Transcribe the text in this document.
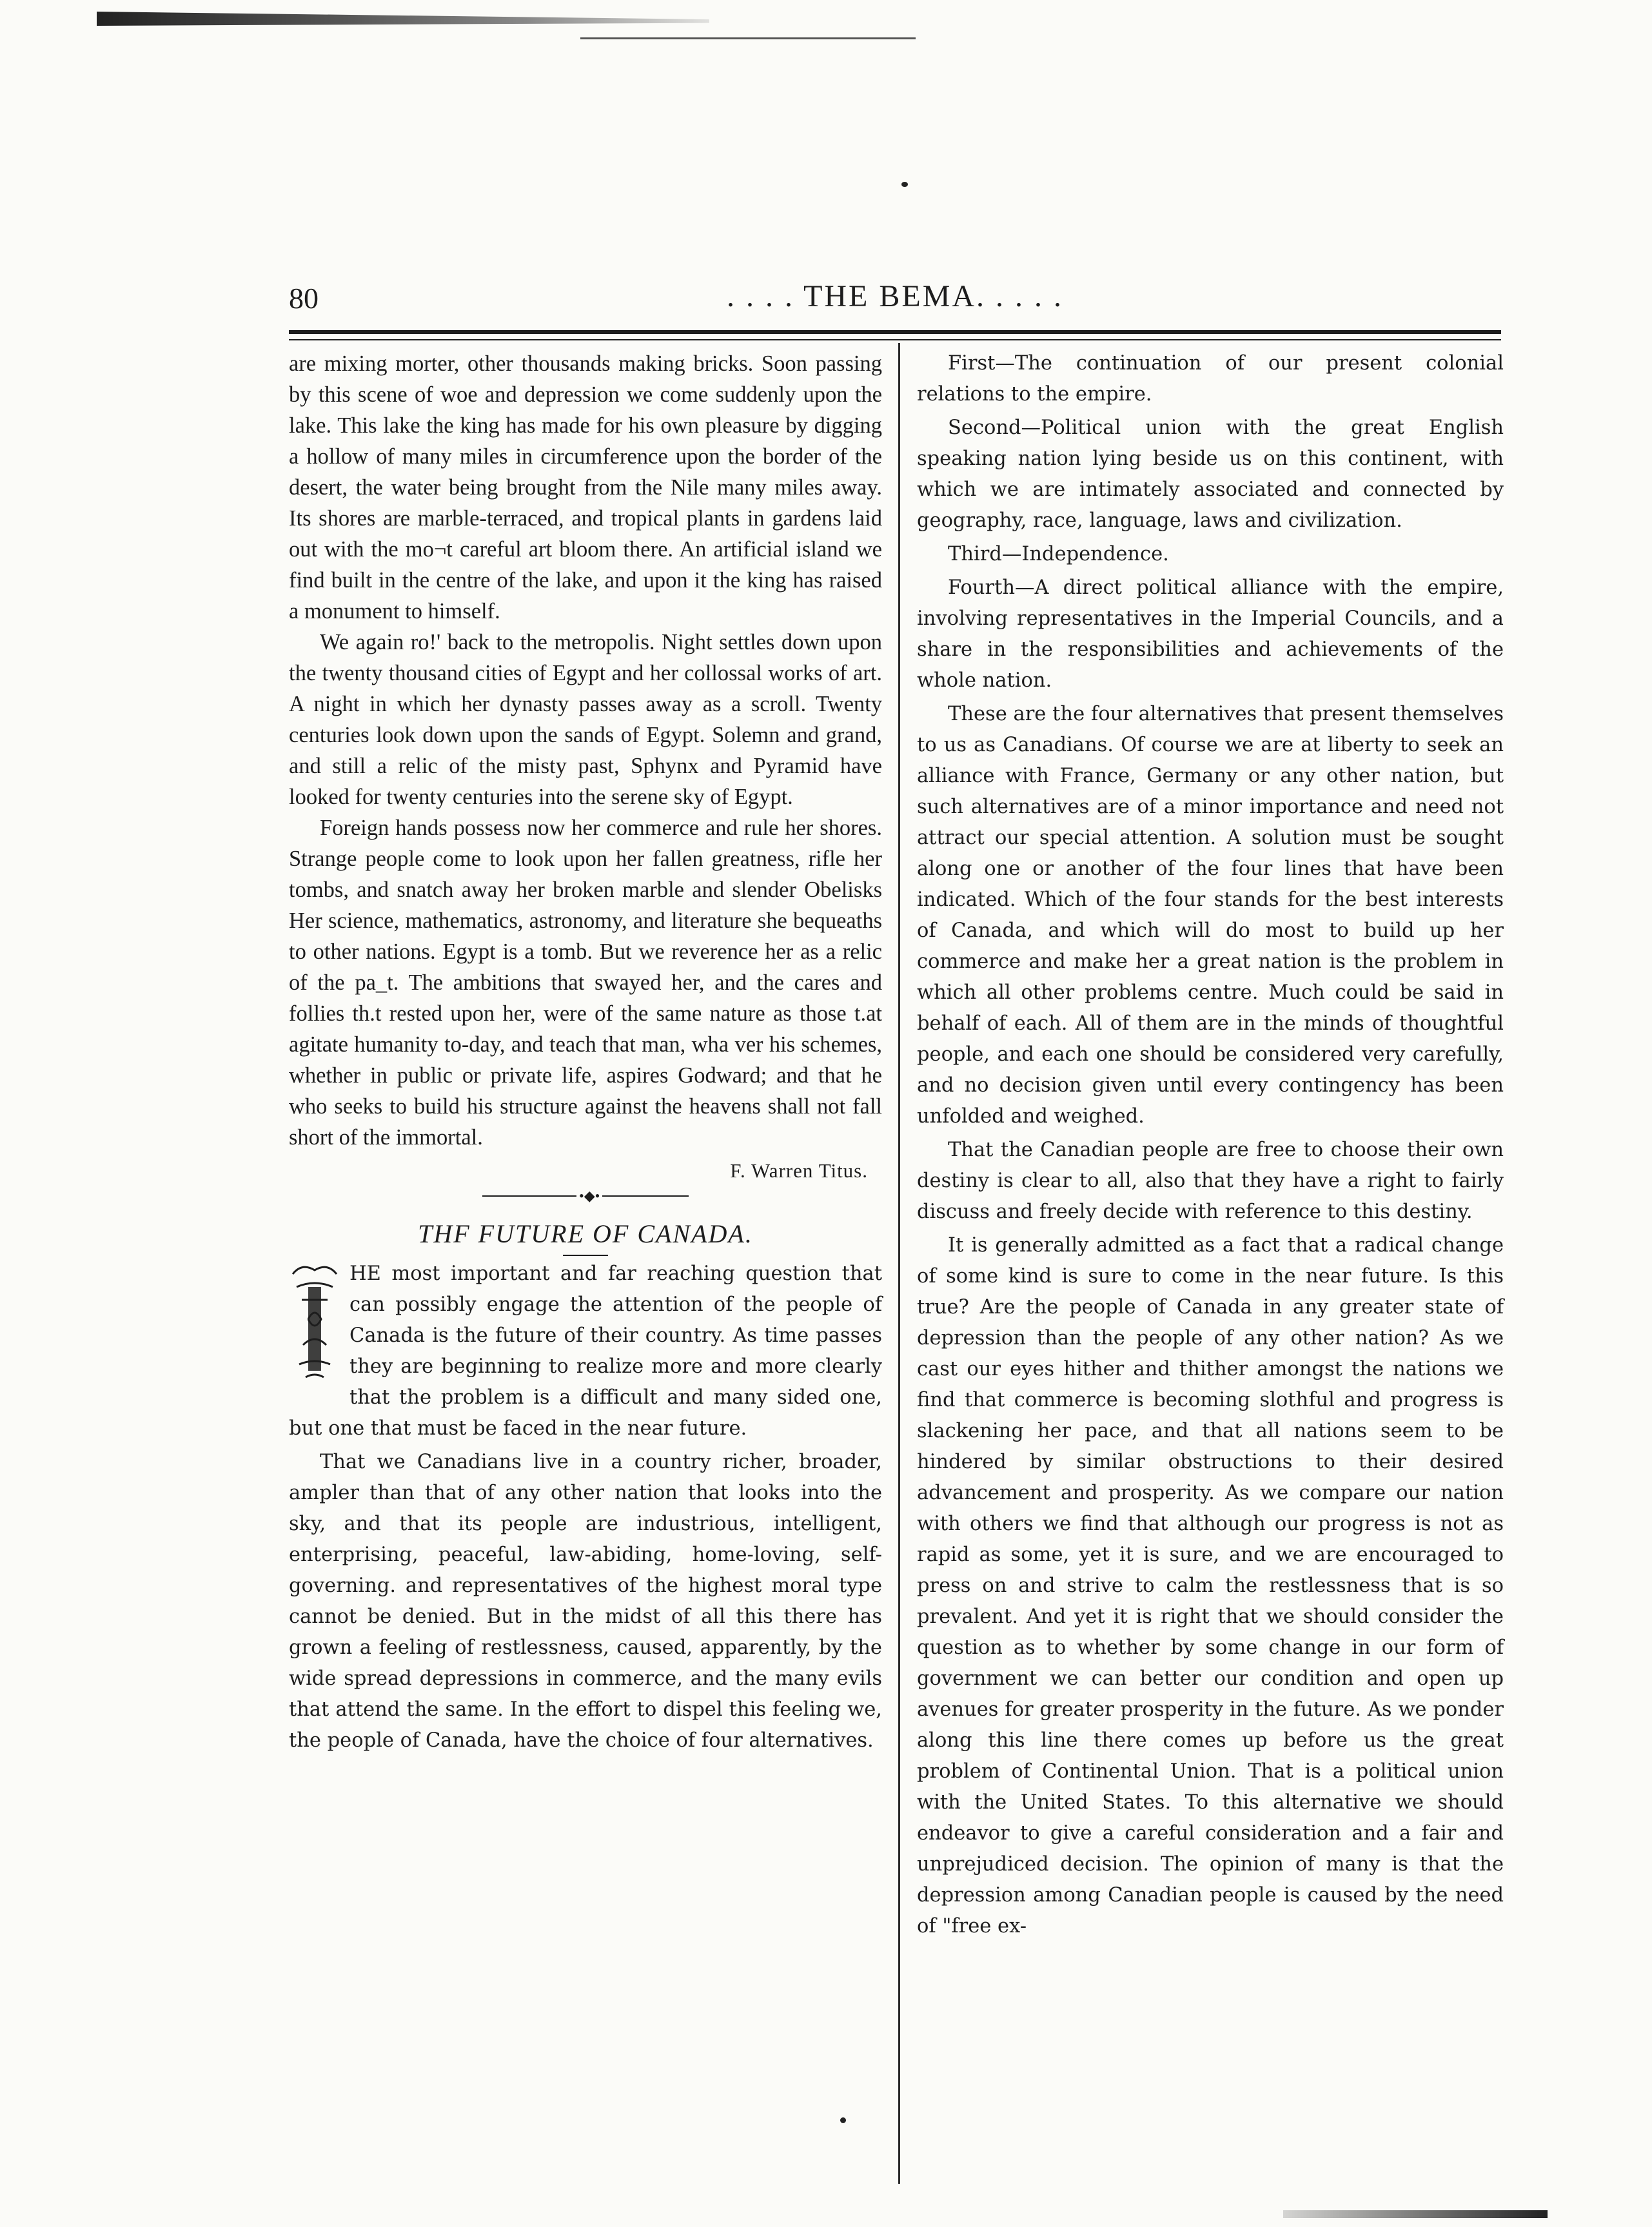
80	. . . . THE BEMA. . . . .

are mixing morter, other thousands making bricks. Soon passing by this scene of woe and depression we come suddenly upon the lake. This lake the king has made for his own pleasure by digging a hollow of many miles in circumference upon the border of the desert, the water being brought from the Nile many miles away. Its shores are marble-terraced, and tropical plants in gardens laid out with the mo¬t careful art bloom there. An artificial island we find built in the centre of the lake, and upon it the king has raised a monument to himself.

We again ro!' back to the metropolis. Night settles down upon the twenty thousand cities of Egypt and her collossal works of art. A night in which her dynasty passes away as a scroll. Twenty centuries look down upon the sands of Egypt. Solemn and grand, and still a relic of the misty past, Sphynx and Pyramid have looked for twenty centuries into the serene sky of Egypt.

Foreign hands possess now her commerce and rule her shores. Strange people come to look upon her fallen greatness, rifle her tombs, and snatch away her broken marble and slender Obelisks Her science, mathematics, astronomy, and literature she bequeaths to other nations. Egypt is a tomb. But we reverence her as a relic of the pa_t. The ambitions that swayed her, and the cares and follies th.t rested upon her, were of the same nature as those t.at agitate humanity to-day, and teach that man, wha ver his schemes, whether in public or private life, aspires Godward; and that he who seeks to build his structure against the heavens shall not fall short of the immortal.

F. Warren Titus.
•◆•
THF FUTURE OF CANADA.

HE most important and far reaching question that can possibly engage the attention of the people of Canada is the future of their country. As time passes they are beginning to realize more and more clearly that the problem is a difficult and many sided one, but one that must be faced in the near future.

That we Canadians live in a country richer, broader, ampler than that of any other nation that looks into the sky, and that its people are industrious, intelligent, enterprising, peaceful, law-abiding, home-loving, self-governing. and representatives of the highest moral type cannot be denied. But in the midst of all this there has grown a feeling of restlessness, caused, apparently, by the wide spread depressions in commerce, and the many evils that attend the same. In the effort to dispel this feeling we, the people of Canada, have the choice of four alternatives.

First—The continuation of our present colonial relations to the empire.

Second—Political union with the great English speaking nation lying beside us on this continent, with which we are intimately associated and connected by geography, race, language, laws and civilization.

Third—Independence.

Fourth—A direct political alliance with the empire, involving representatives in the Imperial Councils, and a share in the responsibilities and achievements of the whole nation.

These are the four alternatives that present themselves to us as Canadians. Of course we are at liberty to seek an alliance with France, Germany or any other nation, but such alternatives are of a minor importance and need not attract our special attention. A solution must be sought along one or another of the four lines that have been indicated. Which of the four stands for the best interests of Canada, and which will do most to build up her commerce and make her a great nation is the problem in which all other problems centre. Much could be said in behalf of each. All of them are in the minds of thoughtful people, and each one should be considered very carefully, and no decision given until every contingency has been unfolded and weighed.

That the Canadian people are free to choose their own destiny is clear to all, also that they have a right to fairly discuss and freely decide with reference to this destiny.

It is generally admitted as a fact that a radical change of some kind is sure to come in the near future. Is this true? Are the people of Canada in any greater state of depression than the people of any other nation? As we cast our eyes hither and thither amongst the nations we find that commerce is becoming slothful and progress is slackening her pace, and that all nations seem to be hindered by similar obstructions to their desired advancement and prosperity. As we compare our nation with others we find that although our progress is not as rapid as some, yet it is sure, and we are encouraged to press on and strive to calm the restlessness that is so prevalent. And yet it is right that we should consider the question as to whether by some change in our form of government we can better our condition and open up avenues for greater prosperity in the future. As we ponder along this line there comes up before us the great problem of Continental Union. That is a political union with the United States. To this alternative we should endeavor to give a careful consideration and a fair and unprejudiced decision. The opinion of many is that the depression among Canadian people is caused by the need of "free ex-
